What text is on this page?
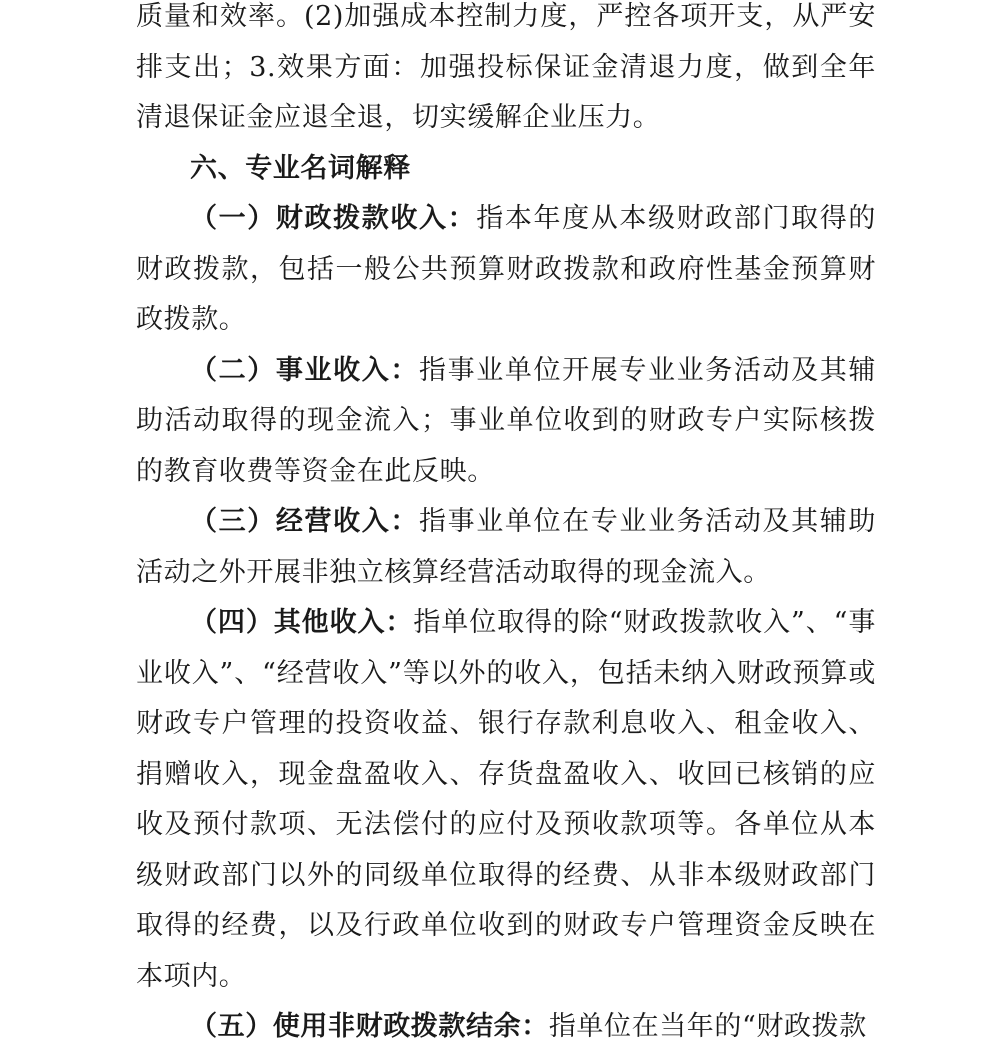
质量和效率。(2)加强成本控制力度，严控各项开支，从严安排支出；3.效果方面：加强投标保证金清退力度，做到全年清退保证金应退全退，切实缓解企业压力。

六、专业名词解释

（一）财政拨款收入：指本年度从本级财政部门取得的财政拨款，包括一般公共预算财政拨款和政府性基金预算财政拨款。

（二）事业收入：指事业单位开展专业业务活动及其辅助活动取得的现金流入；事业单位收到的财政专户实际核拨的教育收费等资金在此反映。

（三）经营收入：指事业单位在专业业务活动及其辅助活动之外开展非独立核算经营活动取得的现金流入。

（四）其他收入：指单位取得的除“财政拨款收入”、“事业收入”、“经营收入”等以外的收入，包括未纳入财政预算或财政专户管理的投资收益、银行存款利息收入、租金收入、捐赠收入，现金盘盈收入、存货盘盈收入、收回已核销的应收及预付款项、无法偿付的应付及预收款项等。各单位从本级财政部门以外的同级单位取得的经费、从非本级财政部门取得的经费，以及行政单位收到的财政专户管理资金反映在本项内。

（五）使用非财政拨款结余：指单位在当年的“财政拨款
